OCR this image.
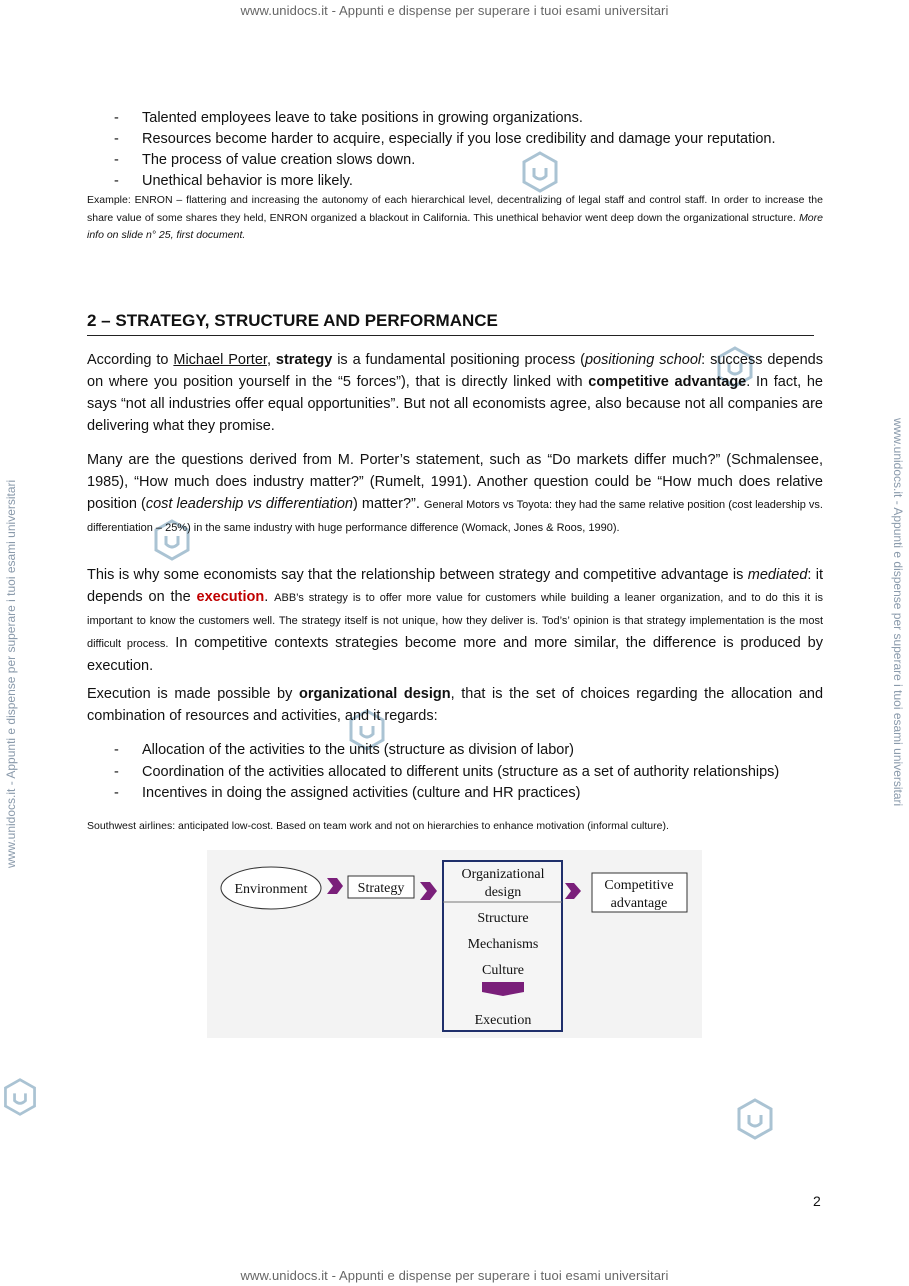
www.unidocs.it - Appunti e dispense per superare i tuoi esami universitari
www.unidocs.it - Appunti e dispense per superare i tuoi esami universitari
www.unidocs.it - Appunti e dispense per superare i tuoi esami universitari	www.unidocs.it - Appunti e dispense per superare i tuoi esami universitari
- Talented employees leave to take positions in growing organizations.
- Resources become harder to acquire, especially if you lose credibility and damage your reputation.
- The process of value creation slows down.
- Unethical behavior is more likely.
Example: ENRON – flattering and increasing the autonomy of each hierarchical level, decentralizing of legal staff and control staff. In order to increase the share value of some shares they held, ENRON organized a blackout in California. This unethical behavior went deep down the organizational structure. More info on slide n° 25, first document.
2 – STRATEGY, STRUCTURE AND PERFORMANCE

According to Michael Porter, strategy is a fundamental positioning process (positioning school: success depends on where you position yourself in the “5 forces”), that is directly linked with competitive advantage. In fact, he says “not all industries offer equal opportunities”. But not all economists agree, also because not all companies are delivering what they promise.

Many are the questions derived from M. Porter’s statement, such as “Do markets differ much?” (Schmalensee, 1985), “How much does industry matter?” (Rumelt, 1991). Another question could be “How much does relative position (cost leadership vs differentiation) matter?”. General Motors vs Toyota: they had the same relative position (cost leadership vs. differentiation – 25%) in the same industry with huge performance difference (Womack, Jones & Roos, 1990).

This is why some economists say that the relationship between strategy and competitive advantage is mediated: it depends on the execution. ABB’s strategy is to offer more value for customers while building a leaner organization, and to do this it is important to know the customers well. The strategy itself is not unique, how they deliver is. Tod’s’ opinion is that strategy implementation is the most difficult process. In competitive contexts strategies become more and more similar, the difference is produced by execution.

Execution is made possible by organizational design, that is the set of choices regarding the allocation and combination of resources and activities, and it regards:

- Allocation of the activities to the units (structure as division of labor)
- Coordination of the activities allocated to different units (structure as a set of authority relationships)
- Incentives in doing the assigned activities (culture and HR practices)
Southwest airlines: anticipated low-cost. Based on team work and not on hierarchies to enhance motivation (informal culture).
Environment	Strategy
Organizational
design
Structure
Mechanisms
Culture
Execution
Competitive
advantage
2
